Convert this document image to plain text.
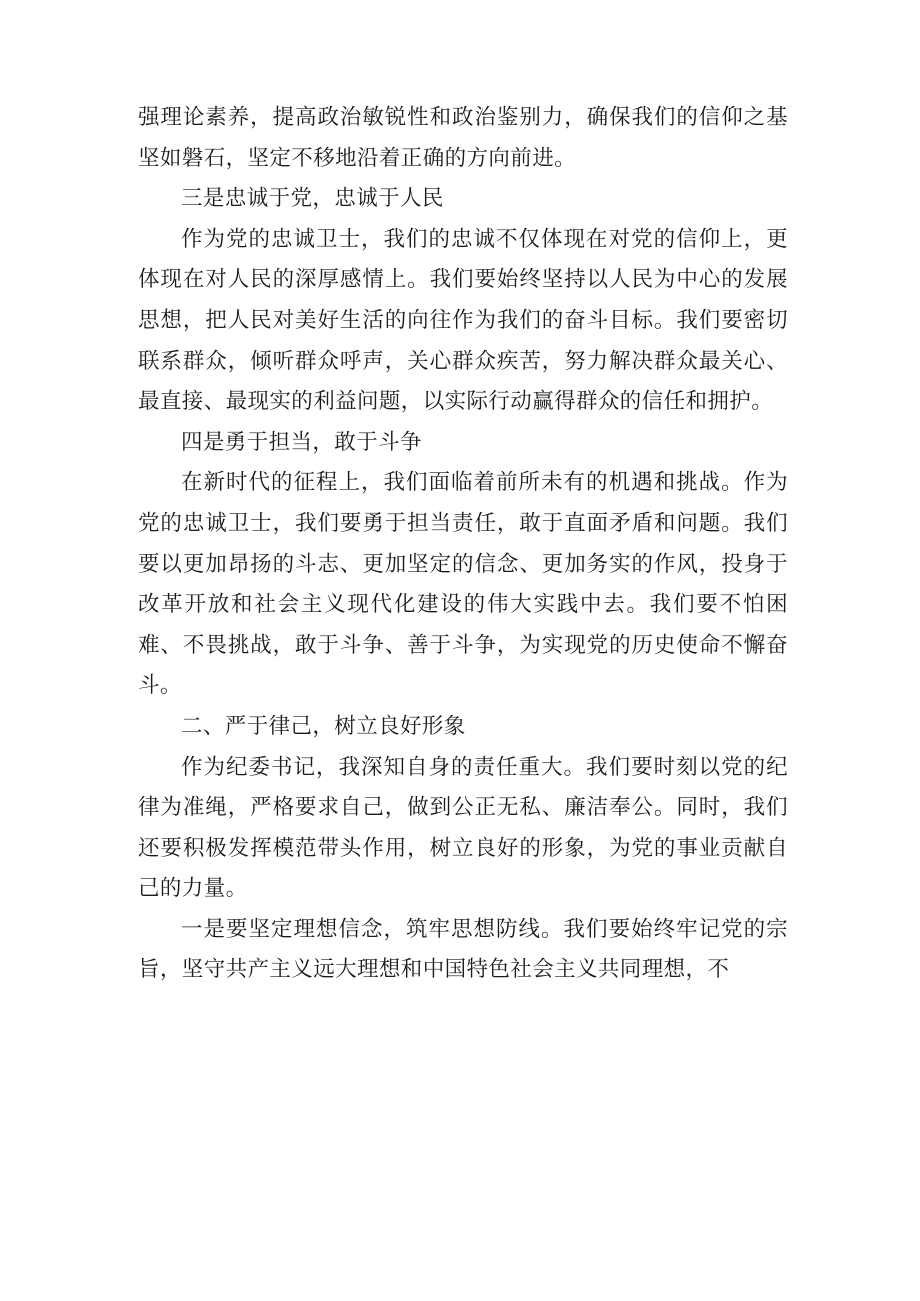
强理论素养，提高政治敏锐性和政治鉴别力，确保我们的信仰之基坚如磐石，坚定不移地沿着正确的方向前进。

三是忠诚于党，忠诚于人民

作为党的忠诚卫士，我们的忠诚不仅体现在对党的信仰上，更体现在对人民的深厚感情上。我们要始终坚持以人民为中心的发展思想，把人民对美好生活的向往作为我们的奋斗目标。我们要密切联系群众，倾听群众呼声，关心群众疾苦，努力解决群众最关心、最直接、最现实的利益问题，以实际行动赢得群众的信任和拥护。

四是勇于担当，敢于斗争

在新时代的征程上，我们面临着前所未有的机遇和挑战。作为党的忠诚卫士，我们要勇于担当责任，敢于直面矛盾和问题。我们要以更加昂扬的斗志、更加坚定的信念、更加务实的作风，投身于改革开放和社会主义现代化建设的伟大实践中去。我们要不怕困难、不畏挑战，敢于斗争、善于斗争，为实现党的历史使命不懈奋斗。

二、严于律己，树立良好形象

作为纪委书记，我深知自身的责任重大。我们要时刻以党的纪律为准绳，严格要求自己，做到公正无私、廉洁奉公。同时，我们还要积极发挥模范带头作用，树立良好的形象，为党的事业贡献自己的力量。

一是要坚定理想信念，筑牢思想防线。我们要始终牢记党的宗旨，坚守共产主义远大理想和中国特色社会主义共同理想，不
